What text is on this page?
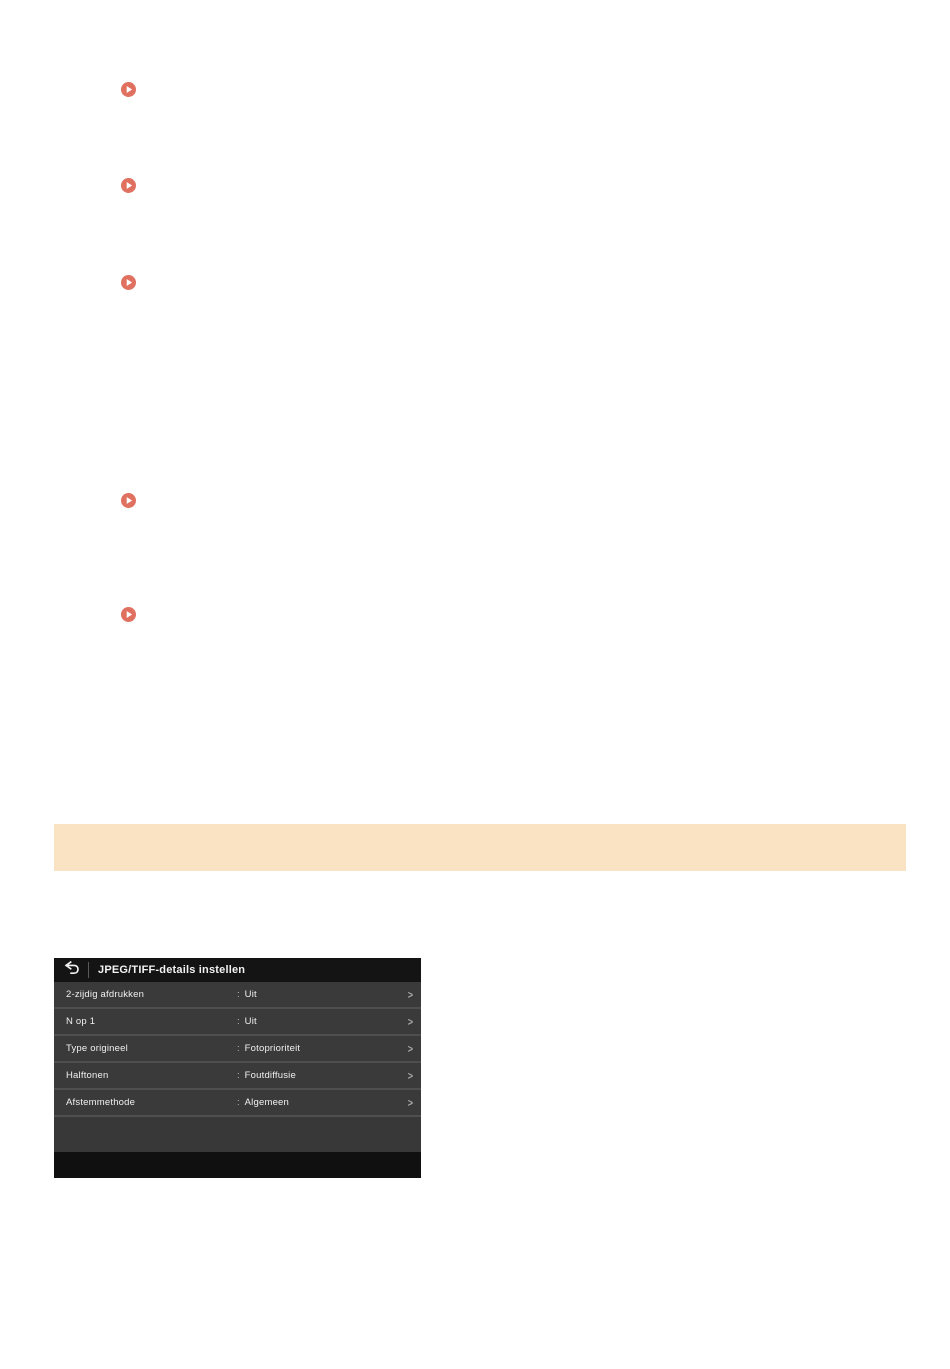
JPEG/TIFF-details instellen
2-zijdig afdrukken	: Uit	>
N op 1	: Uit	>
Type origineel	: Fotoprioriteit	>
Halftonen	: Foutdiffusie	>
Afstemmethode	: Algemeen	>
